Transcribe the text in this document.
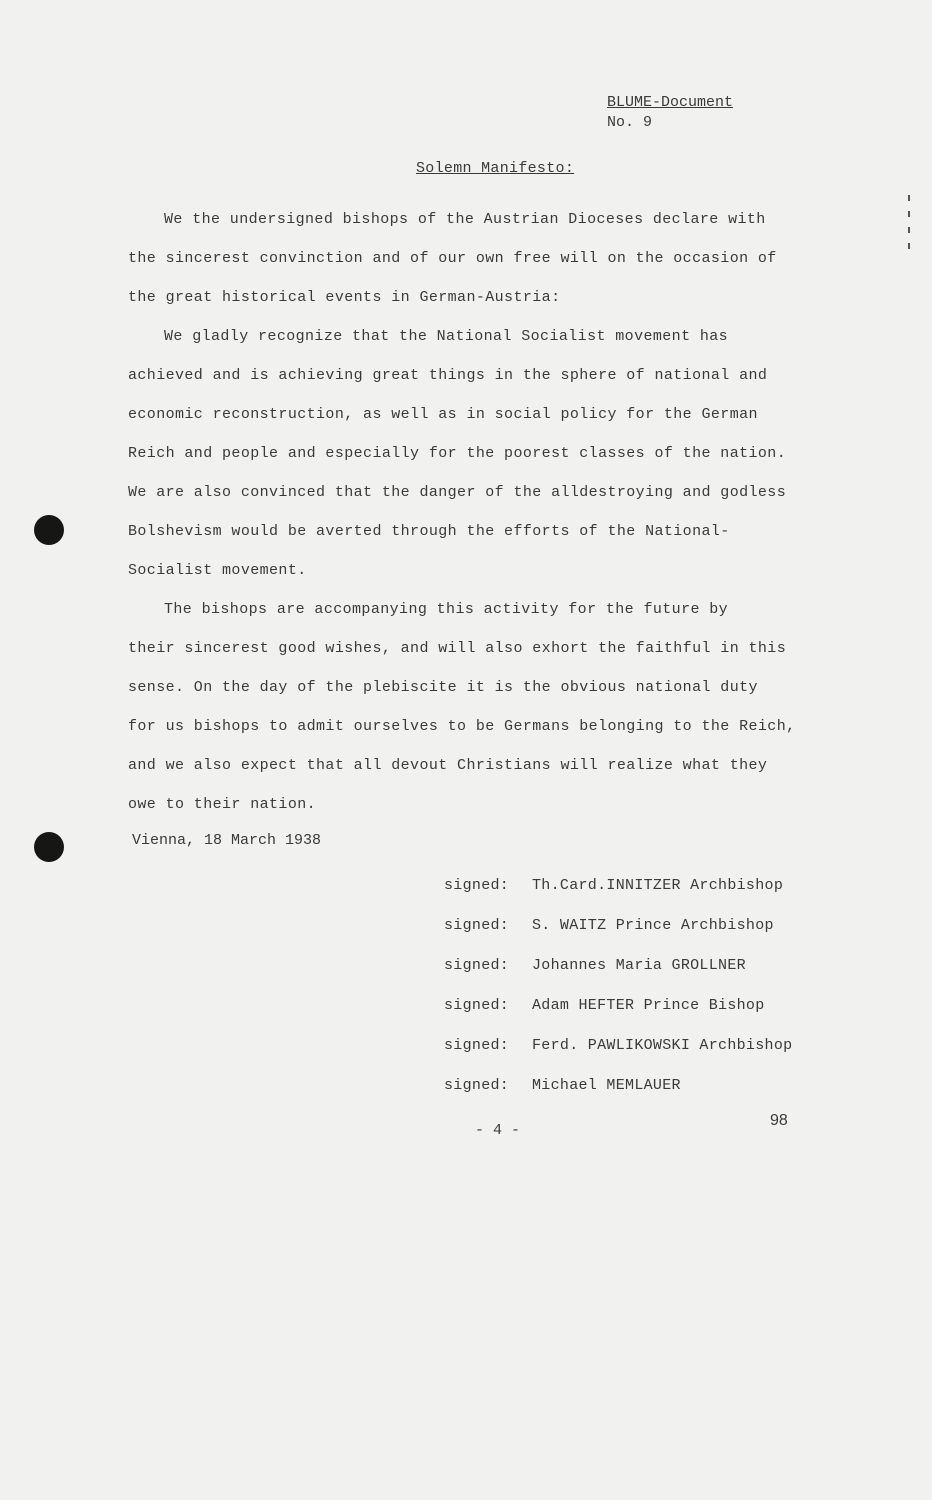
BLUME-Document
No. 9
Solemn Manifesto:

We the undersigned bishops of the Austrian Dioceses declare with

the sincerest convinction and of our own free will on the occasion of

the great historical events in German-Austria:

We gladly recognize that the National Socialist movement has

achieved and is achieving great things in the sphere of national and

economic reconstruction, as well as in social policy for the German

Reich and people and especially for the poorest classes of the nation.

We are also convinced that the danger of the alldestroying and godless

Bolshevism would be averted through the efforts of the National-

Socialist movement.

The bishops are accompanying this activity for the future by

their sincerest good wishes, and will also exhort the faithful in this

sense. On the day of the plebiscite it is the obvious national duty

for us bishops to admit ourselves to be Germans belonging to the Reich,

and we also expect that all devout Christians will realize what they

owe to their nation.

Vienna, 18 March 1938
signed:	Th.Card.INNITZER Archbishop
signed:	S. WAITZ Prince Archbishop
signed:	Johannes Maria GROLLNER
signed:	Adam HEFTER Prince Bishop
signed:	Ferd. PAWLIKOWSKI Archbishop
signed:	Michael MEMLAUER
- 4 -
98
